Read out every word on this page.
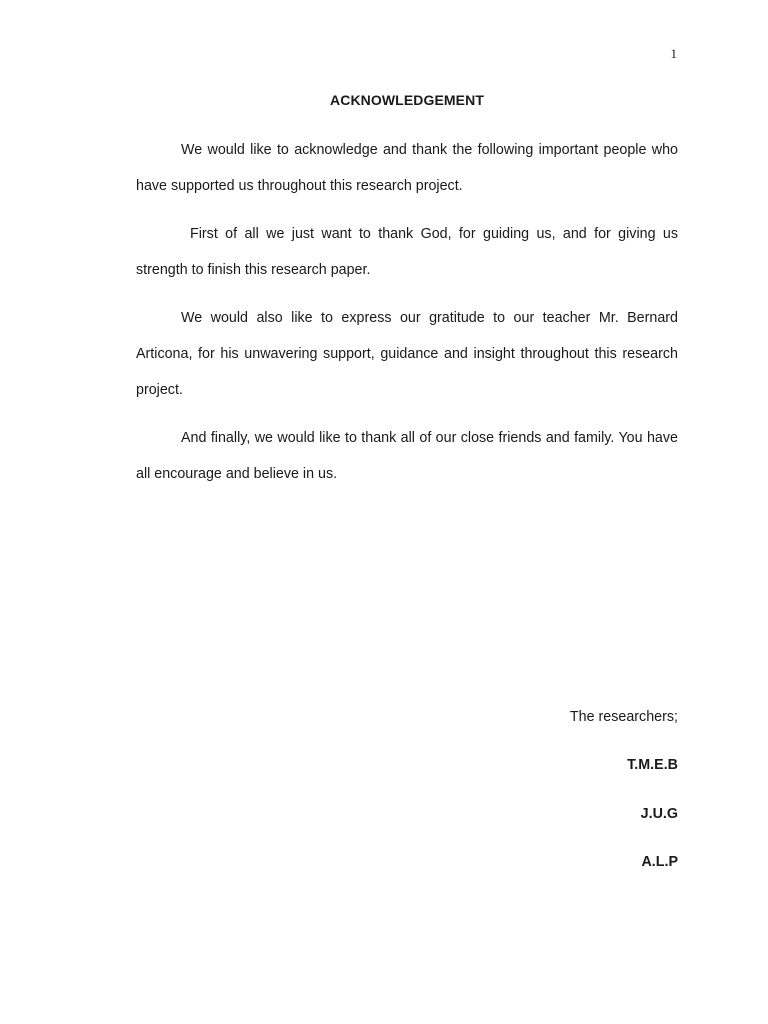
1
ACKNOWLEDGEMENT

We would like to acknowledge and thank the following important people who have supported us throughout this research project.

First of all we just want to thank God, for guiding us, and for giving us strength to finish this research paper.

We would also like to express our gratitude to our teacher Mr. Bernard Articona, for his unwavering support, guidance and insight throughout this research project.

And finally, we would like to thank all of our close friends and family. You have all encourage and believe in us.

The researchers;
T.M.E.B
J.U.G
A.L.P
